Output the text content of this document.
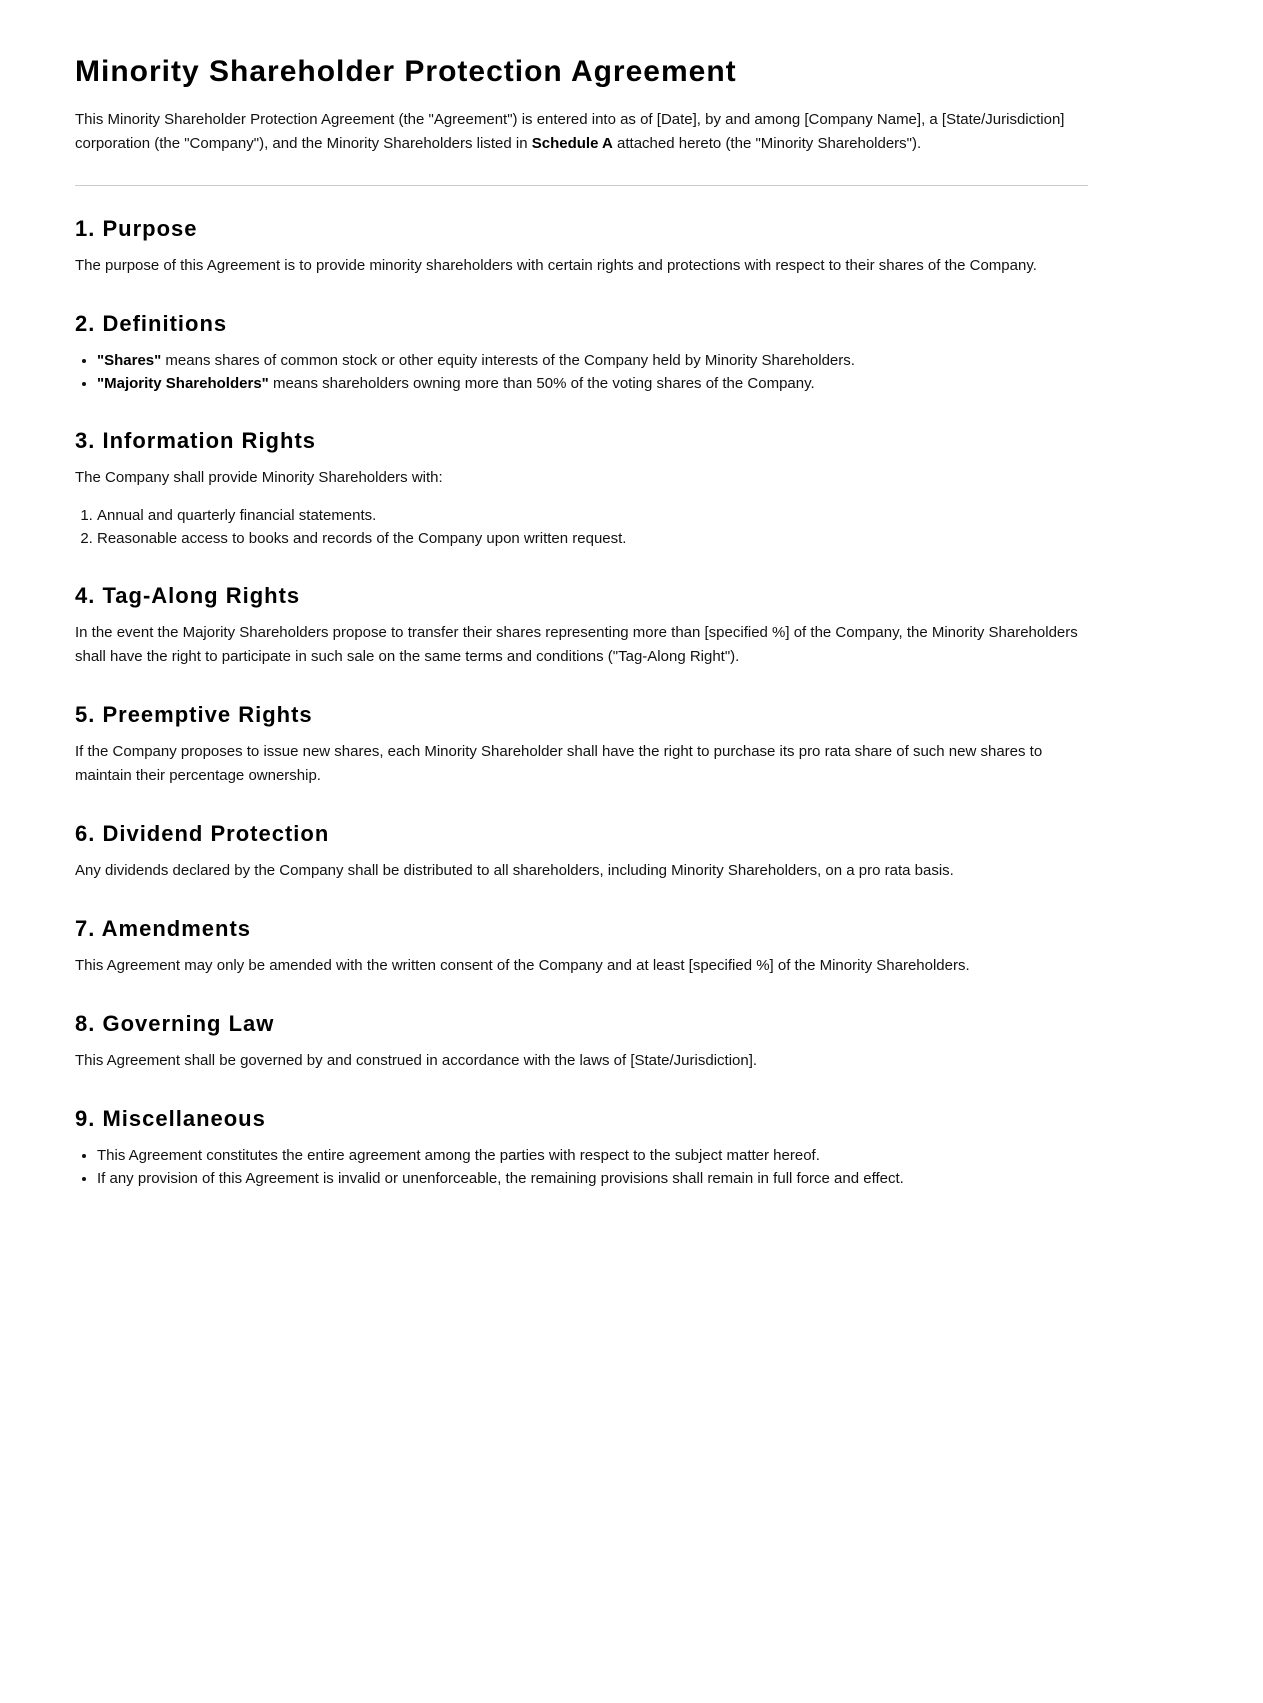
Minority Shareholder Protection Agreement

This Minority Shareholder Protection Agreement (the "Agreement") is entered into as of [Date], by and among [Company Name], a [State/Jurisdiction] corporation (the "Company"), and the Minority Shareholders listed in Schedule A attached hereto (the "Minority Shareholders").

1. Purpose

The purpose of this Agreement is to provide minority shareholders with certain rights and protections with respect to their shares of the Company.

2. Definitions
• "Shares" means shares of common stock or other equity interests of the Company held by Minority Shareholders.
• "Majority Shareholders" means shareholders owning more than 50% of the voting shares of the Company.
3. Information Rights

The Company shall provide Minority Shareholders with:

1. Annual and quarterly financial statements.
2. Reasonable access to books and records of the Company upon written request.
4. Tag-Along Rights

In the event the Majority Shareholders propose to transfer their shares representing more than [specified %] of the Company, the Minority Shareholders shall have the right to participate in such sale on the same terms and conditions ("Tag-Along Right").

5. Preemptive Rights

If the Company proposes to issue new shares, each Minority Shareholder shall have the right to purchase its pro rata share of such new shares to maintain their percentage ownership.

6. Dividend Protection

Any dividends declared by the Company shall be distributed to all shareholders, including Minority Shareholders, on a pro rata basis.

7. Amendments

This Agreement may only be amended with the written consent of the Company and at least [specified %] of the Minority Shareholders.

8. Governing Law

This Agreement shall be governed by and construed in accordance with the laws of [State/Jurisdiction].

9. Miscellaneous
• This Agreement constitutes the entire agreement among the parties with respect to the subject matter hereof.
• If any provision of this Agreement is invalid or unenforceable, the remaining provisions shall remain in full force and effect.
